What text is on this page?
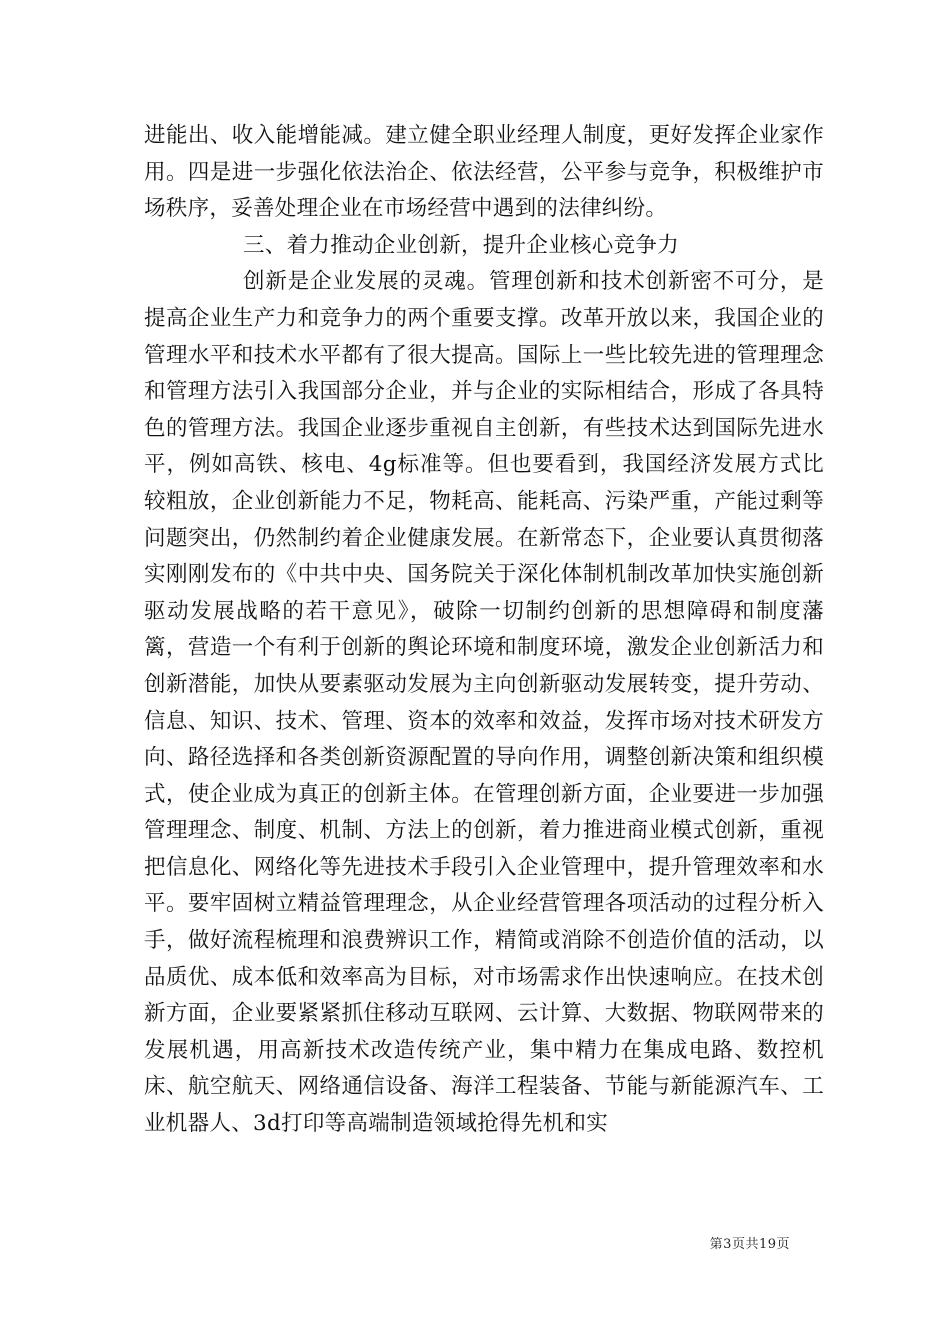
进能出、收入能增能减。建立健全职业经理人制度，更好发挥企业家作用。四是进一步强化依法治企、依法经营，公平参与竞争，积极维护市场秩序，妥善处理企业在市场经营中遇到的法律纠纷。

三、着力推动企业创新，提升企业核心竞争力

创新是企业发展的灵魂。管理创新和技术创新密不可分，是提高企业生产力和竞争力的两个重要支撑。改革开放以来，我国企业的管理水平和技术水平都有了很大提高。国际上一些比较先进的管理理念和管理方法引入我国部分企业，并与企业的实际相结合，形成了各具特色的管理方法。我国企业逐步重视自主创新，有些技术达到国际先进水平，例如高铁、核电、4g标准等。但也要看到，我国经济发展方式比较粗放，企业创新能力不足，物耗高、能耗高、污染严重，产能过剩等问题突出，仍然制约着企业健康发展。在新常态下，企业要认真贯彻落实刚刚发布的《中共中央、国务院关于深化体制机制改革加快实施创新驱动发展战略的若干意见》，破除一切制约创新的思想障碍和制度藩篱，营造一个有利于创新的舆论环境和制度环境，激发企业创新活力和创新潜能，加快从要素驱动发展为主向创新驱动发展转变，提升劳动、信息、知识、技术、管理、资本的效率和效益，发挥市场对技术研发方向、路径选择和各类创新资源配置的导向作用，调整创新决策和组织模式，使企业成为真正的创新主体。在管理创新方面，企业要进一步加强管理理念、制度、机制、方法上的创新，着力推进商业模式创新，重视把信息化、网络化等先进技术手段引入企业管理中，提升管理效率和水平。要牢固树立精益管理理念，从企业经营管理各项活动的过程分析入手，做好流程梳理和浪费辨识工作，精简或消除不创造价值的活动，以品质优、成本低和效率高为目标，对市场需求作出快速响应。在技术创新方面，企业要紧紧抓住移动互联网、云计算、大数据、物联网带来的发展机遇，用高新技术改造传统产业，集中精力在集成电路、数控机床、航空航天、网络通信设备、海洋工程装备、节能与新能源汽车、工业机器人、3d打印等高端制造领域抢得先机和实

第3页共19页
